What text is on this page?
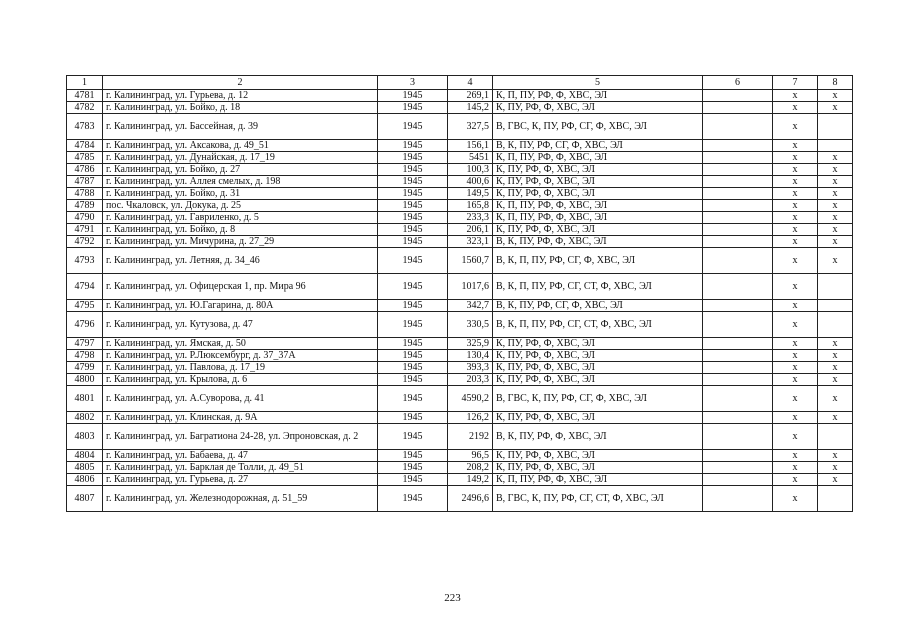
1	2	3	4	5	6	7	8
4781	г. Калининград, ул. Гурьева, д. 12	1945	269,1	К, П, ПУ, РФ, Ф, ХВС, ЭЛ		х	х
4782	г. Калининград, ул. Бойко, д. 18	1945	145,2	К, ПУ, РФ, Ф, ХВС, ЭЛ		х	х
4783	г. Калининград, ул. Бассейная, д. 39	1945	327,5	В, ГВС, К, ПУ, РФ, СГ, Ф, ХВС, ЭЛ		х	
4784	г. Калининград, ул. Аксакова, д. 49_51	1945	156,1	В, К, ПУ, РФ, СГ, Ф, ХВС, ЭЛ		х	
4785	г. Калининград, ул. Дунайская, д. 17_19	1945	5451	К, П, ПУ, РФ, Ф, ХВС, ЭЛ		х	х
4786	г. Калининград, ул. Бойко, д. 27	1945	100,3	К, ПУ, РФ, Ф, ХВС, ЭЛ		х	х
4787	г. Калининград, ул. Аллея смелых, д. 198	1945	400,6	К, ПУ, РФ, Ф, ХВС, ЭЛ		х	х
4788	г. Калининград, ул. Бойко, д. 31	1945	149,5	К, ПУ, РФ, Ф, ХВС, ЭЛ		х	х
4789	пос. Чкаловск, ул. Докука, д. 25	1945	165,8	К, П, ПУ, РФ, Ф, ХВС, ЭЛ		х	х
4790	г. Калининград, ул. Гавриленко, д. 5	1945	233,3	К, П, ПУ, РФ, Ф, ХВС, ЭЛ		х	х
4791	г. Калининград, ул. Бойко, д. 8	1945	206,1	К, ПУ, РФ, Ф, ХВС, ЭЛ		х	х
4792	г. Калининград, ул. Мичурина, д. 27_29	1945	323,1	В, К, ПУ, РФ, Ф, ХВС, ЭЛ		х	х
4793	г. Калининград, ул. Летняя, д. 34_46	1945	1560,7	В, К, П, ПУ, РФ, СГ, Ф, ХВС, ЭЛ		х	х
4794	г. Калининград, ул. Офицерская 1, пр. Мира 96	1945	1017,6	В, К, П, ПУ, РФ, СГ, СТ, Ф, ХВС, ЭЛ		х	
4795	г. Калининград, ул. Ю.Гагарина, д. 80А	1945	342,7	В, К, ПУ, РФ, СГ, Ф, ХВС, ЭЛ		х	
4796	г. Калининград, ул. Кутузова, д. 47	1945	330,5	В, К, П, ПУ, РФ, СГ, СТ, Ф, ХВС, ЭЛ		х	
4797	г. Калининград, ул. Ямская, д. 50	1945	325,9	К, ПУ, РФ, Ф, ХВС, ЭЛ		х	х
4798	г. Калининград, ул. Р.Люксембург, д. 37_37А	1945	130,4	К, ПУ, РФ, Ф, ХВС, ЭЛ		х	х
4799	г. Калининград, ул. Павлова, д. 17_19	1945	393,3	К, ПУ, РФ, Ф, ХВС, ЭЛ		х	х
4800	г. Калининград, ул. Крылова, д. 6	1945	203,3	К, ПУ, РФ, Ф, ХВС, ЭЛ		х	х
4801	г. Калининград, ул. А.Суворова, д. 41	1945	4590,2	В, ГВС, К, ПУ, РФ, СГ, Ф, ХВС, ЭЛ		х	х
4802	г. Калининград, ул. Клинская, д. 9А	1945	126,2	К, ПУ, РФ, Ф, ХВС, ЭЛ		х	х
4803	г. Калининград, ул. Багратиона 24-28, ул. Эпроновская, д. 2	1945	2192	В, К, ПУ, РФ, Ф, ХВС, ЭЛ		х	
4804	г. Калининград, ул. Бабаева, д. 47	1945	96,5	К, ПУ, РФ, Ф, ХВС, ЭЛ		х	х
4805	г. Калининград, ул. Барклая де Толли, д. 49_51	1945	208,2	К, ПУ, РФ, Ф, ХВС, ЭЛ		х	х
4806	г. Калининград, ул. Гурьева, д. 27	1945	149,2	К, П, ПУ, РФ, Ф, ХВС, ЭЛ		х	х
4807	г. Калининград, ул. Железнодорожная, д. 51_59	1945	2496,6	В, ГВС, К, ПУ, РФ, СГ, СТ, Ф, ХВС, ЭЛ		х	
223
